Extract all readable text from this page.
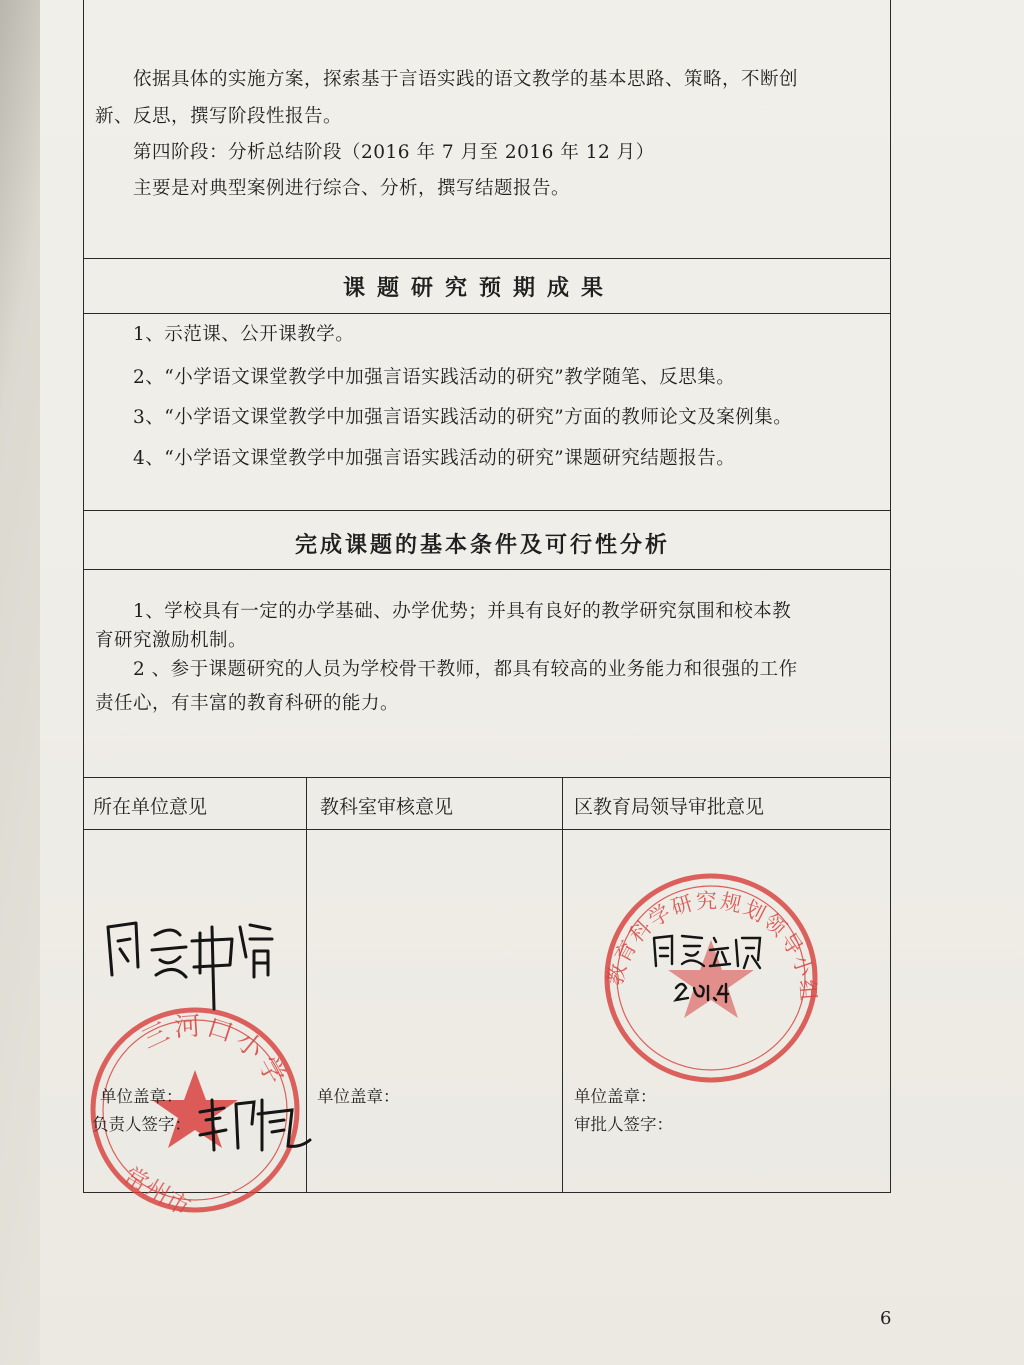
依据具体的实施方案，探索基于言语实践的语文教学的基本思路、策略，不断创
新、反思，撰写阶段性报告。
第四阶段：分析总结阶段（2016 年 7 月至 2016 年 12 月）
主要是对典型案例进行综合、分析，撰写结题报告。
课题研究预期成果
1、示范课、公开课教学。
2、“小学语文课堂教学中加强言语实践活动的研究”教学随笔、反思集。
3、“小学语文课堂教学中加强言语实践活动的研究”方面的教师论文及案例集。
4、“小学语文课堂教学中加强言语实践活动的研究”课题研究结题报告。
完成课题的基本条件及可行性分析
1、学校具有一定的办学基础、办学优势；并具有良好的教学研究氛围和校本教
育研究激励机制。
2 、参于课题研究的人员为学校骨干教师，都具有较高的业务能力和很强的工作
责任心，有丰富的教育科研的能力。
所在单位意见	教科室审核意见	区教育局领导审批意见
三河口小学
常州市
单位盖章：
负责人签字：
单位盖章：
教育科学研究规划领导小组
单位盖章：
审批人签字：
6
